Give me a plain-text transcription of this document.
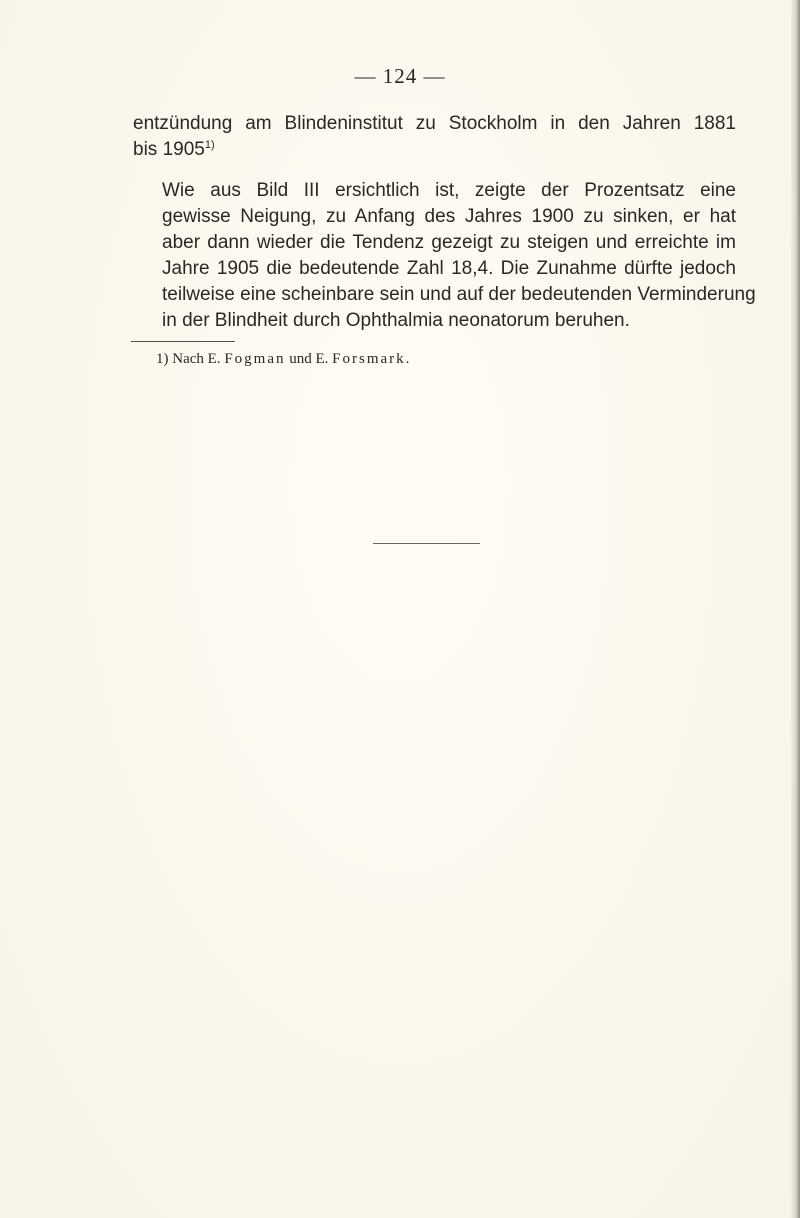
— 124 —
entzündung am Blindeninstitut zu Stockholm in den Jahren 1881
bis 1905$^{1)}$
Wie aus Bild III ersichtlich ist, zeigte der Prozentsatz eine
gewisse Neigung, zu Anfang des Jahres 1900 zu sinken, er hat
aber dann wieder die Tendenz gezeigt zu steigen und erreichte im
Jahre 1905 die bedeutende Zahl 18,4. Die Zunahme dürfte jedoch
teilweise eine scheinbare sein und auf der bedeutenden Verminderung
in der Blindheit durch Ophthalmia neonatorum beruhen.
1) Nach E. Fogman und E. Forsmark.
